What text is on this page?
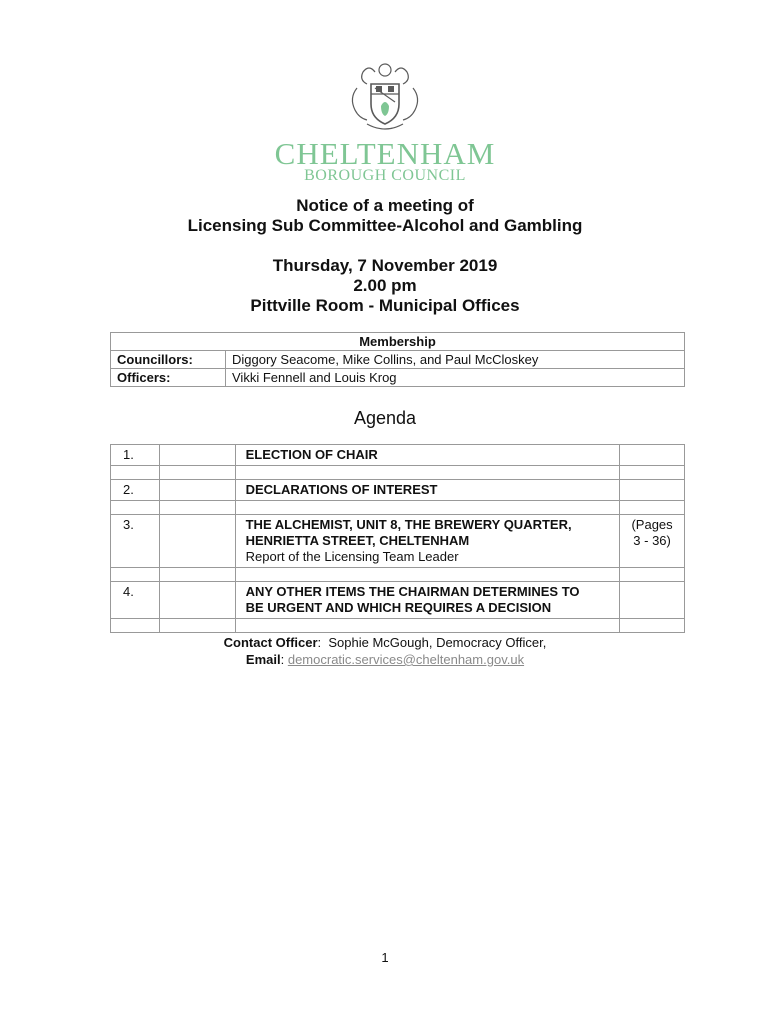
CHELTENHAM
BOROUGH COUNCIL
Notice of a meeting of
Licensing Sub Committee-Alcohol and Gambling
Thursday, 7 November 2019
2.00 pm
Pittville Room - Municipal Offices
Membership	
Councillors:	Diggory Seacome, Mike Collins, and Paul McCloskey
Officers:	Vikki Fennell and Louis Krog
Agenda
1.		ELECTION OF CHAIR	

2.		DECLARATIONS OF INTEREST	

3.		THE ALCHEMIST, UNIT 8, THE BREWERY QUARTER,
HENRIETTA STREET, CHELTENHAM
Report of the Licensing Team Leader	(Pages 3 - 36)

4.		ANY OTHER ITEMS THE CHAIRMAN DETERMINES TO
BE URGENT AND WHICH REQUIRES A DECISION	

Contact Officer:  Sophie McGough, Democracy Officer,
Email: democratic.services@cheltenham.gov.uk
1
